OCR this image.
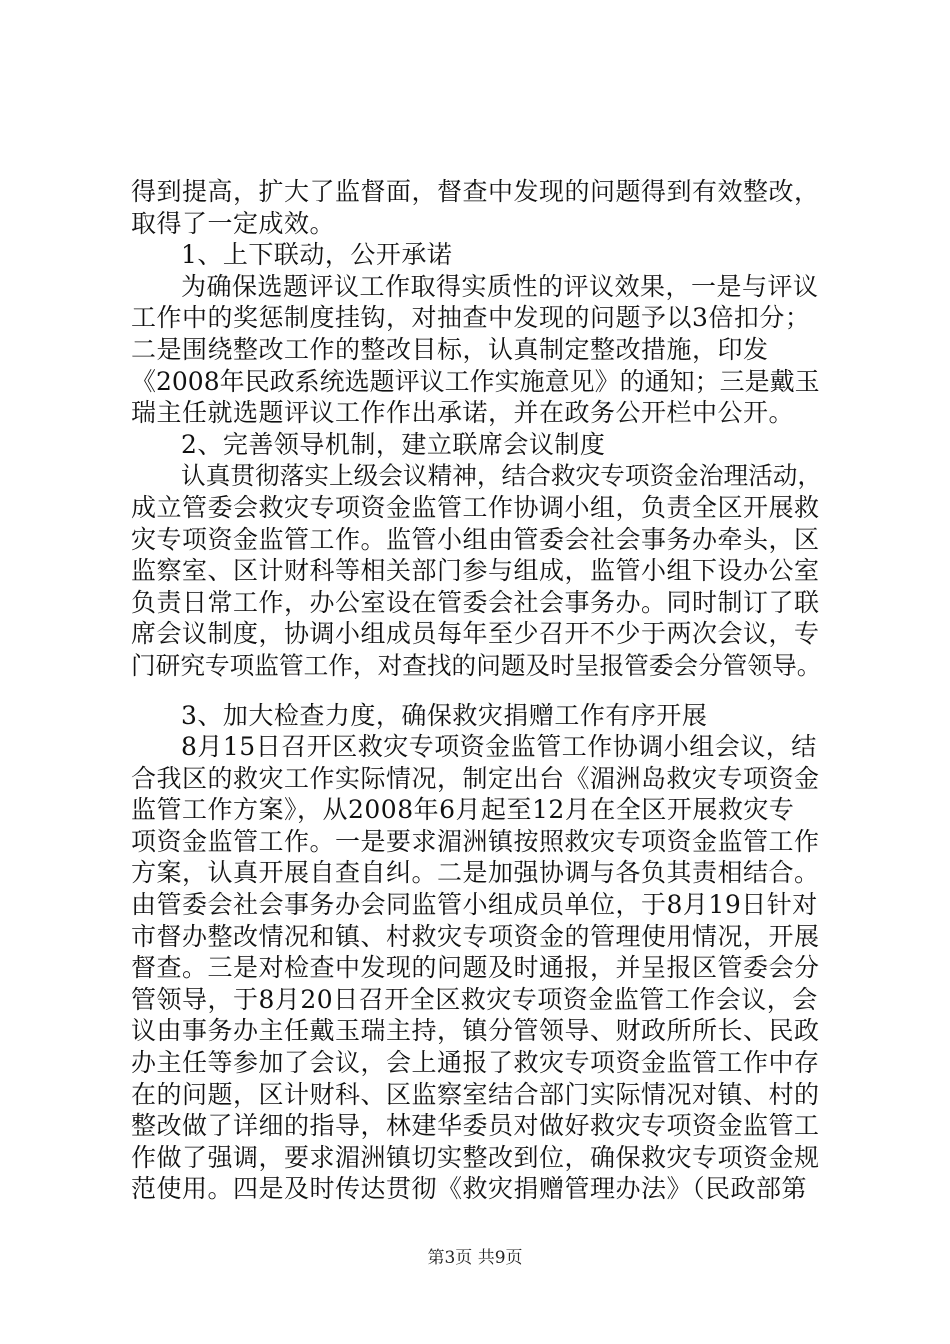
得到提高，扩大了监督面，督查中发现的问题得到有效整改，
取得了一定成效。
1、上下联动，公开承诺
为确保选题评议工作取得实质性的评议效果，一是与评议
工作中的奖惩制度挂钩，对抽查中发现的问题予以3倍扣分；
二是围绕整改工作的整改目标，认真制定整改措施，印发
《2008年民政系统选题评议工作实施意见》的通知；三是戴玉
瑞主任就选题评议工作作出承诺，并在政务公开栏中公开。
2、完善领导机制，建立联席会议制度
认真贯彻落实上级会议精神，结合救灾专项资金治理活动，
成立管委会救灾专项资金监管工作协调小组，负责全区开展救
灾专项资金监管工作。监管小组由管委会社会事务办牵头，区
监察室、区计财科等相关部门参与组成，监管小组下设办公室
负责日常工作，办公室设在管委会社会事务办。同时制订了联
席会议制度，协调小组成员每年至少召开不少于两次会议，专
门研究专项监管工作，对查找的问题及时呈报管委会分管领导。
3、加大检查力度，确保救灾捐赠工作有序开展
8月15日召开区救灾专项资金监管工作协调小组会议，结
合我区的救灾工作实际情况，制定出台《湄洲岛救灾专项资金
监管工作方案》，从2008年6月起至12月在全区开展救灾专
项资金监管工作。一是要求湄洲镇按照救灾专项资金监管工作
方案，认真开展自查自纠。二是加强协调与各负其责相结合。
由管委会社会事务办会同监管小组成员单位，于8月19日针对
市督办整改情况和镇、村救灾专项资金的管理使用情况，开展
督查。三是对检查中发现的问题及时通报，并呈报区管委会分
管领导，于8月20日召开全区救灾专项资金监管工作会议，会
议由事务办主任戴玉瑞主持，镇分管领导、财政所所长、民政
办主任等参加了会议，会上通报了救灾专项资金监管工作中存
在的问题，区计财科、区监察室结合部门实际情况对镇、村的
整改做了详细的指导，林建华委员对做好救灾专项资金监管工
作做了强调，要求湄洲镇切实整改到位，确保救灾专项资金规
范使用。四是及时传达贯彻《救灾捐赠管理办法》（民政部第
第3页 共9页
